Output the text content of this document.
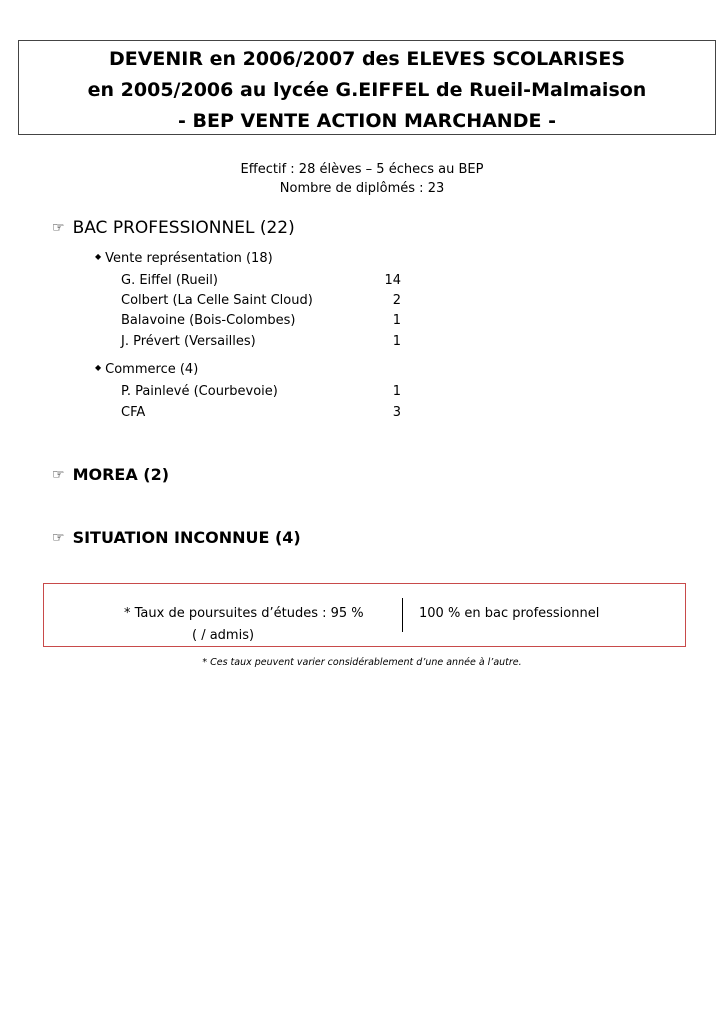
DEVENIR en 2006/2007 des ELEVES SCOLARISES
en 2005/2006 au lycée G.EIFFEL de Rueil-Malmaison
- BEP VENTE ACTION MARCHANDE -
Effectif : 28 élèves – 5 échecs au BEP
Nombre de diplômés : 23
☞ BAC PROFESSIONNEL (22)
◆ Vente représentation (18)
G. Eiffel (Rueil)	14
Colbert (La Celle Saint Cloud)	2
Balavoine (Bois-Colombes)	1
J. Prévert (Versailles)	1
◆ Commerce (4)
P. Painlevé (Courbevoie)	1
CFA	3
☞ MOREA (2)
☞ SITUATION INCONNUE (4)
* Taux de poursuites d’études : 95 %
( / admis)
100 % en bac professionnel
* Ces taux peuvent varier considérablement d’une année à l’autre.
